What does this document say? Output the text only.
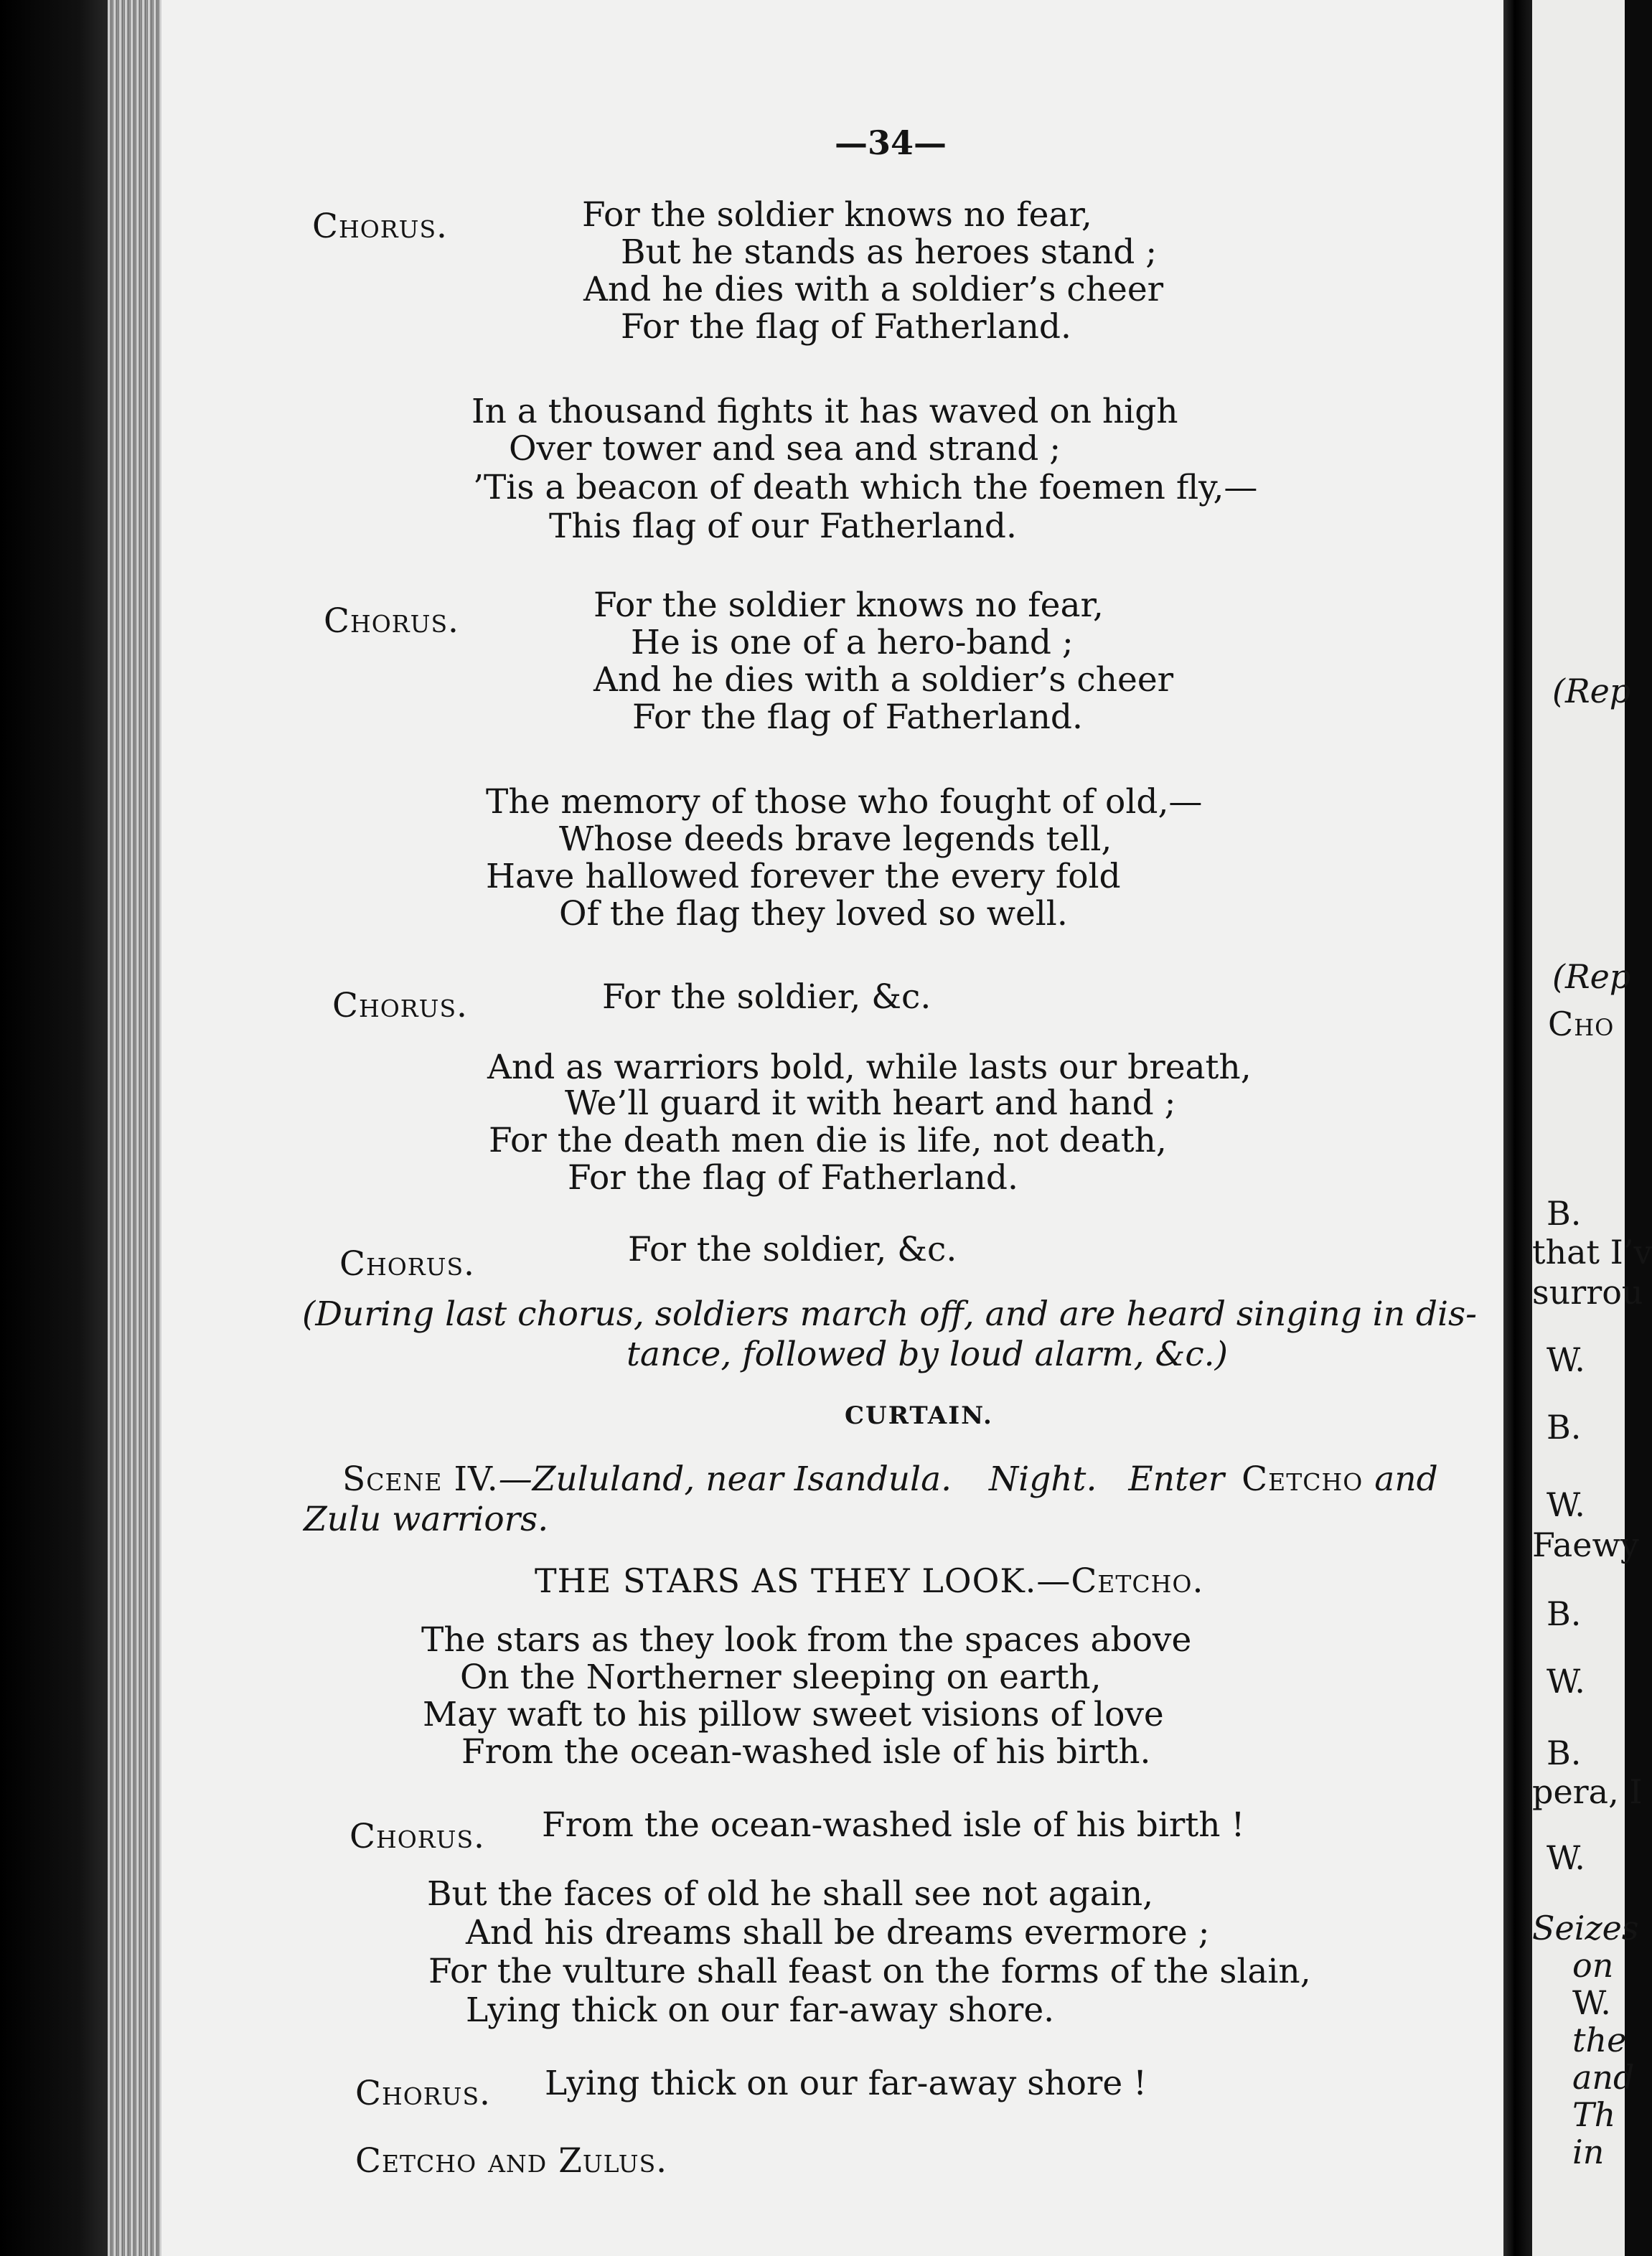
—34—
Chorus.	For the soldier knows no fear,
But he stands as heroes stand ;
And he dies with a soldier’s cheer
For the flag of Fatherland.
In a thousand fights it has waved on high
Over tower and sea and strand ;
’Tis a beacon of death which the foemen fly,—
This flag of our Fatherland.
Chorus.	For the soldier knows no fear,
He is one of a hero-band ;
And he dies with a soldier’s cheer
For the flag of Fatherland.
The memory of those who fought of old,—
Whose deeds brave legends tell,
Have hallowed forever the every fold
Of the flag they loved so well.
Chorus.	For the soldier, &c.
And as warriors bold, while lasts our breath,
We’ll guard it with heart and hand ;
For the death men die is life, not death,
For the flag of Fatherland.
Chorus.	For the soldier, &c.
(During last chorus, soldiers march off, and are heard singing in dis-
tance, followed by loud alarm, &c.)
CURTAIN.
Scene IV.—Zululand, near Isandula. Night. Enter Cetcho and
Zulu warriors.
THE STARS AS THEY LOOK.—Cetcho.
The stars as they look from the spaces above
On the Northerner sleeping on earth,
May waft to his pillow sweet visions of love
From the ocean-washed isle of his birth.
Chorus. From the ocean-washed isle of his birth !
But the faces of old he shall see not again,
And his dreams shall be dreams evermore ;
For the vulture shall feast on the forms of the slain,
Lying thick on our far-away shore.
Chorus. Lying thick on our far-away shore !
Cetcho and Zulus.
(Rep
(Rep
Cho
B.
that I’v
surrou
W.
B.
W.
Faewy
B.
W.
B.
pera, I
W.
Seizes
on
W.
the
and
Th
in
